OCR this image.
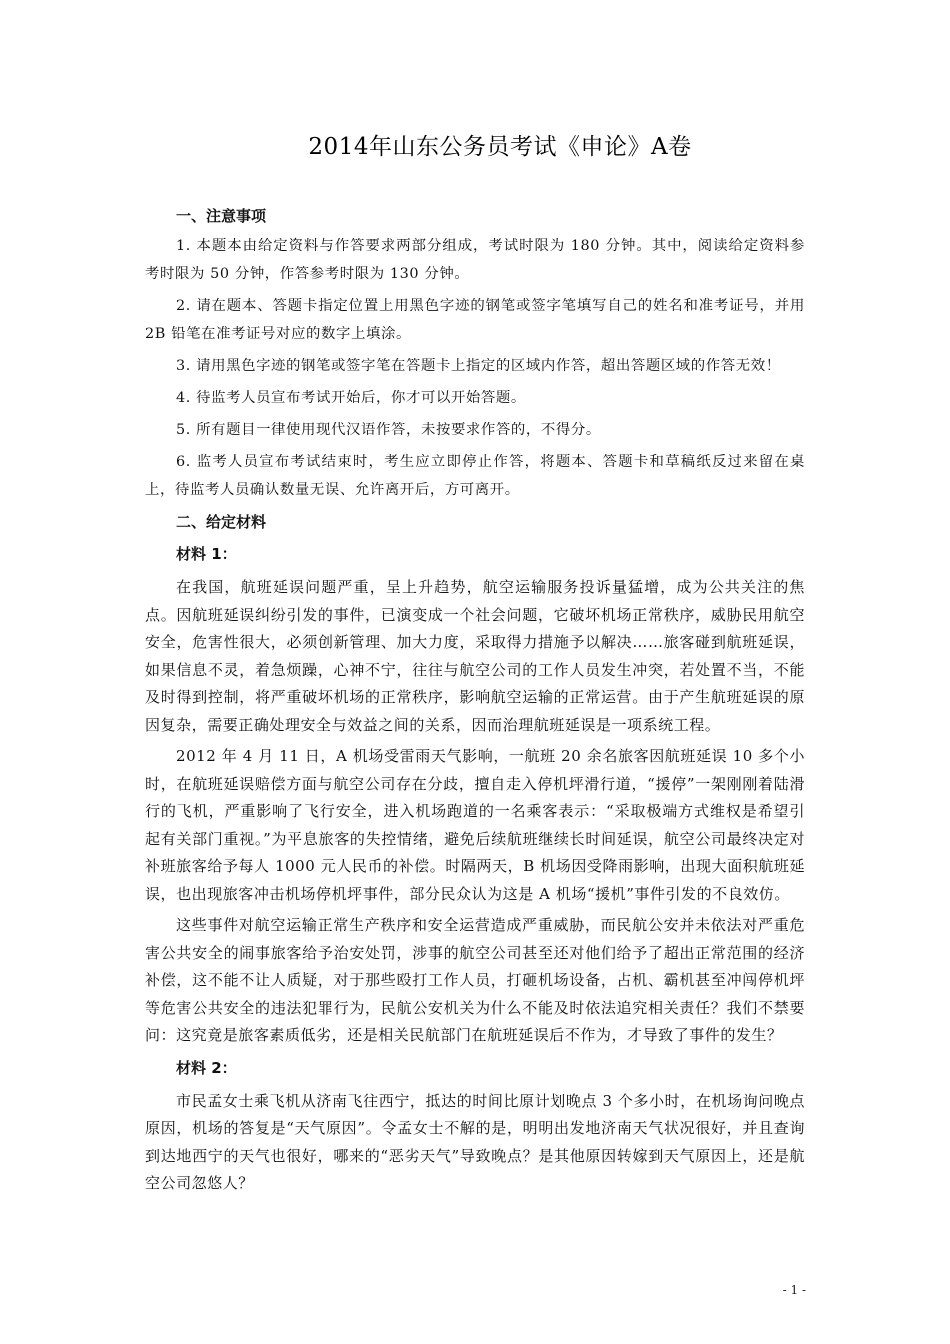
2014年山东公务员考试《申论》A卷

一、注意事项

1. 本题本由给定资料与作答要求两部分组成，考试时限为 180 分钟。其中，阅读给定资料参考时限为 50 分钟，作答参考时限为 130 分钟。

2. 请在题本、答题卡指定位置上用黑色字迹的钢笔或签字笔填写自己的姓名和准考证号，并用 2B 铅笔在准考证号对应的数字上填涂。

3. 请用黑色字迹的钢笔或签字笔在答题卡上指定的区域内作答，超出答题区域的作答无效！

4. 待监考人员宣布考试开始后，你才可以开始答题。

5. 所有题目一律使用现代汉语作答，未按要求作答的，不得分。

6. 监考人员宣布考试结束时，考生应立即停止作答，将题本、答题卡和草稿纸反过来留在桌上，待监考人员确认数量无误、允许离开后，方可离开。

二、给定材料

材料 1：

在我国，航班延误问题严重，呈上升趋势，航空运输服务投诉量猛增，成为公共关注的焦点。因航班延误纠纷引发的事件，已演变成一个社会问题，它破坏机场正常秩序，威胁民用航空安全，危害性很大，必须创新管理、加大力度，采取得力措施予以解决……旅客碰到航班延误，如果信息不灵，着急烦躁，心神不宁，往往与航空公司的工作人员发生冲突，若处置不当，不能及时得到控制，将严重破坏机场的正常秩序，影响航空运输的正常运营。由于产生航班延误的原因复杂，需要正确处理安全与效益之间的关系，因而治理航班延误是一项系统工程。

2012 年 4 月 11 日，A 机场受雷雨天气影响，一航班 20 余名旅客因航班延误 10 多个小时，在航班延误赔偿方面与航空公司存在分歧，擅自走入停机坪滑行道，“援停”一架刚刚着陆滑行的飞机，严重影响了飞行安全，进入机场跑道的一名乘客表示：“采取极端方式维权是希望引起有关部门重视。”为平息旅客的失控情绪，避免后续航班继续长时间延误，航空公司最终决定对补班旅客给予每人 1000 元人民币的补偿。时隔两天，B 机场因受降雨影响，出现大面积航班延误，也出现旅客冲击机场停机坪事件，部分民众认为这是 A 机场“援机”事件引发的不良效仿。

这些事件对航空运输正常生产秩序和安全运营造成严重威胁，而民航公安并未依法对严重危害公共安全的闹事旅客给予治安处罚，涉事的航空公司甚至还对他们给予了超出正常范围的经济补偿，这不能不让人质疑，对于那些殴打工作人员，打砸机场设备，占机、霸机甚至冲闯停机坪等危害公共安全的违法犯罪行为，民航公安机关为什么不能及时依法追究相关责任？我们不禁要问：这究竟是旅客素质低劣，还是相关民航部门在航班延误后不作为，才导致了事件的发生？

材料 2：

市民孟女士乘飞机从济南飞往西宁，抵达的时间比原计划晚点 3 个多小时，在机场询问晚点原因，机场的答复是“天气原因”。令孟女士不解的是，明明出发地济南天气状况很好，并且查询到达地西宁的天气也很好，哪来的“恶劣天气”导致晚点？是其他原因转嫁到天气原因上，还是航空公司忽悠人？

- 1 -
